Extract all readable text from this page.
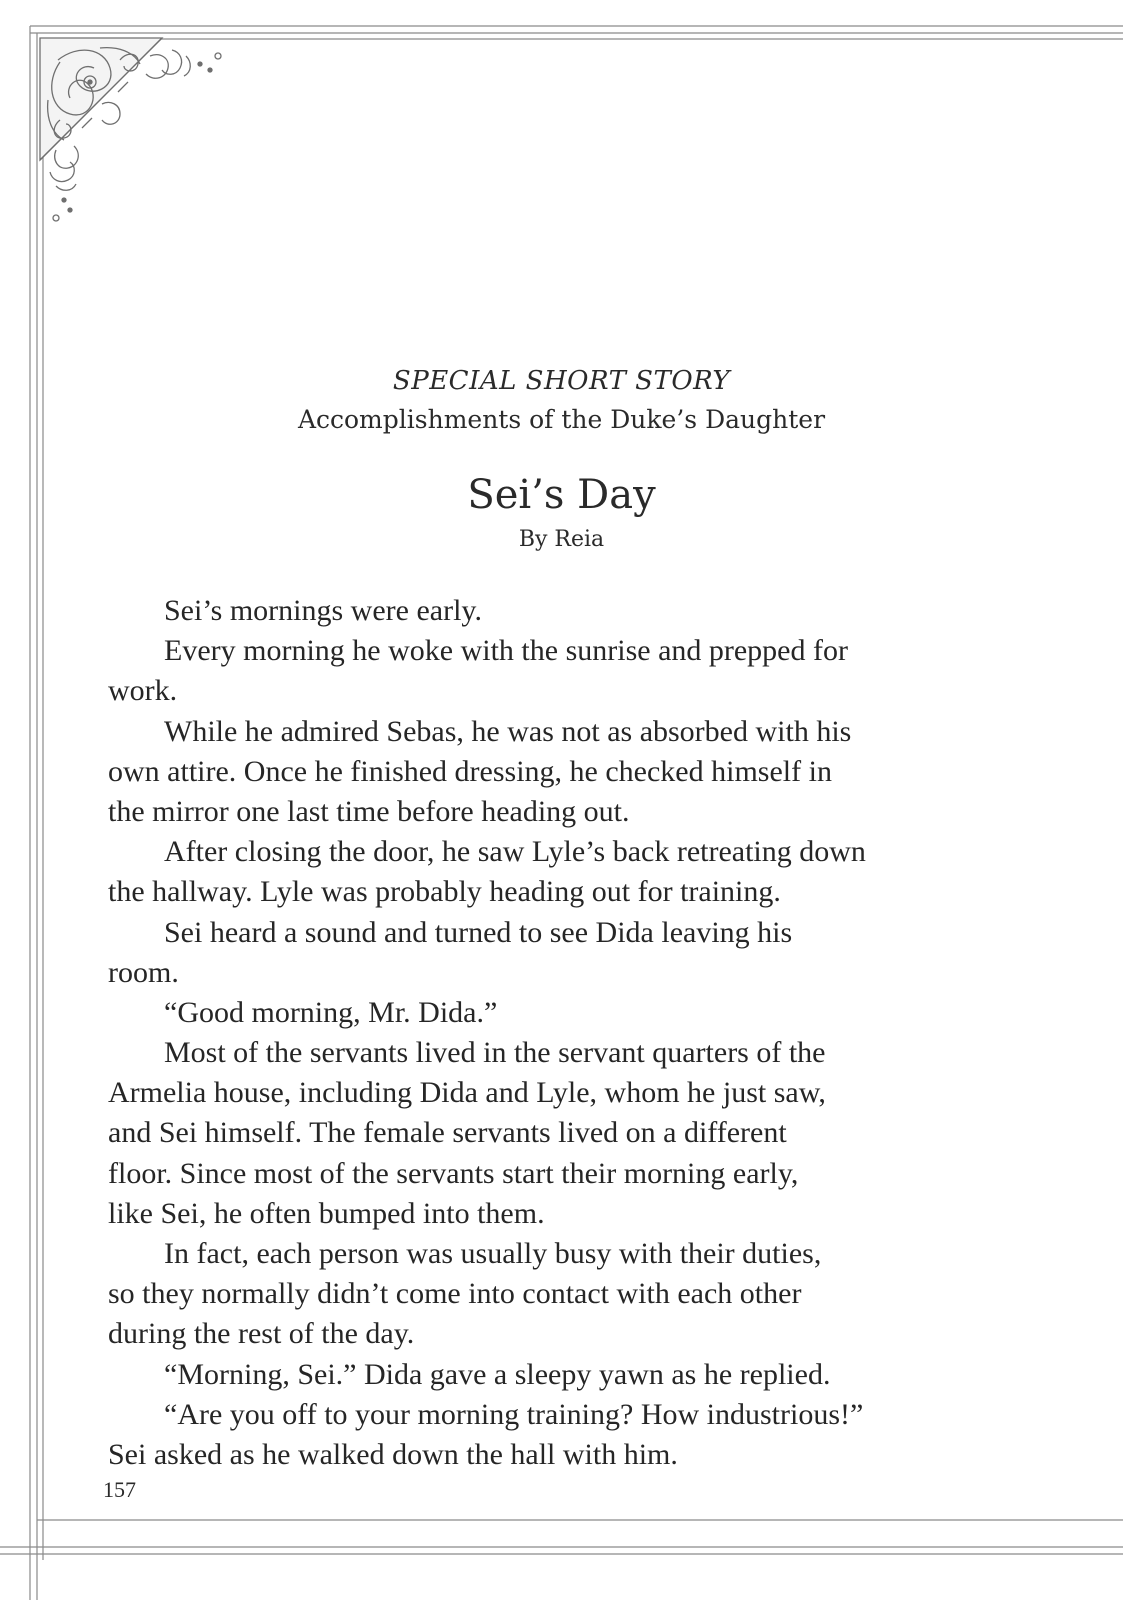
SPECIAL SHORT STORY
Accomplishments of the Duke’s Daughter
Sei’s Day
By Reia
Sei’s mornings were early.
Every morning he woke with the sunrise and prepped for
work.
While he admired Sebas, he was not as absorbed with his
own attire. Once he finished dressing, he checked himself in
the mirror one last time before heading out.
After closing the door, he saw Lyle’s back retreating down
the hallway. Lyle was probably heading out for training.
Sei heard a sound and turned to see Dida leaving his
room.
“Good morning, Mr. Dida.”
Most of the servants lived in the servant quarters of the
Armelia house, including Dida and Lyle, whom he just saw,
and Sei himself. The female servants lived on a different
floor. Since most of the servants start their morning early,
like Sei, he often bumped into them.
In fact, each person was usually busy with their duties,
so they normally didn’t come into contact with each other
during the rest of the day.
“Morning, Sei.” Dida gave a sleepy yawn as he replied.
“Are you off to your morning training? How industrious!”
Sei asked as he walked down the hall with him.
157
